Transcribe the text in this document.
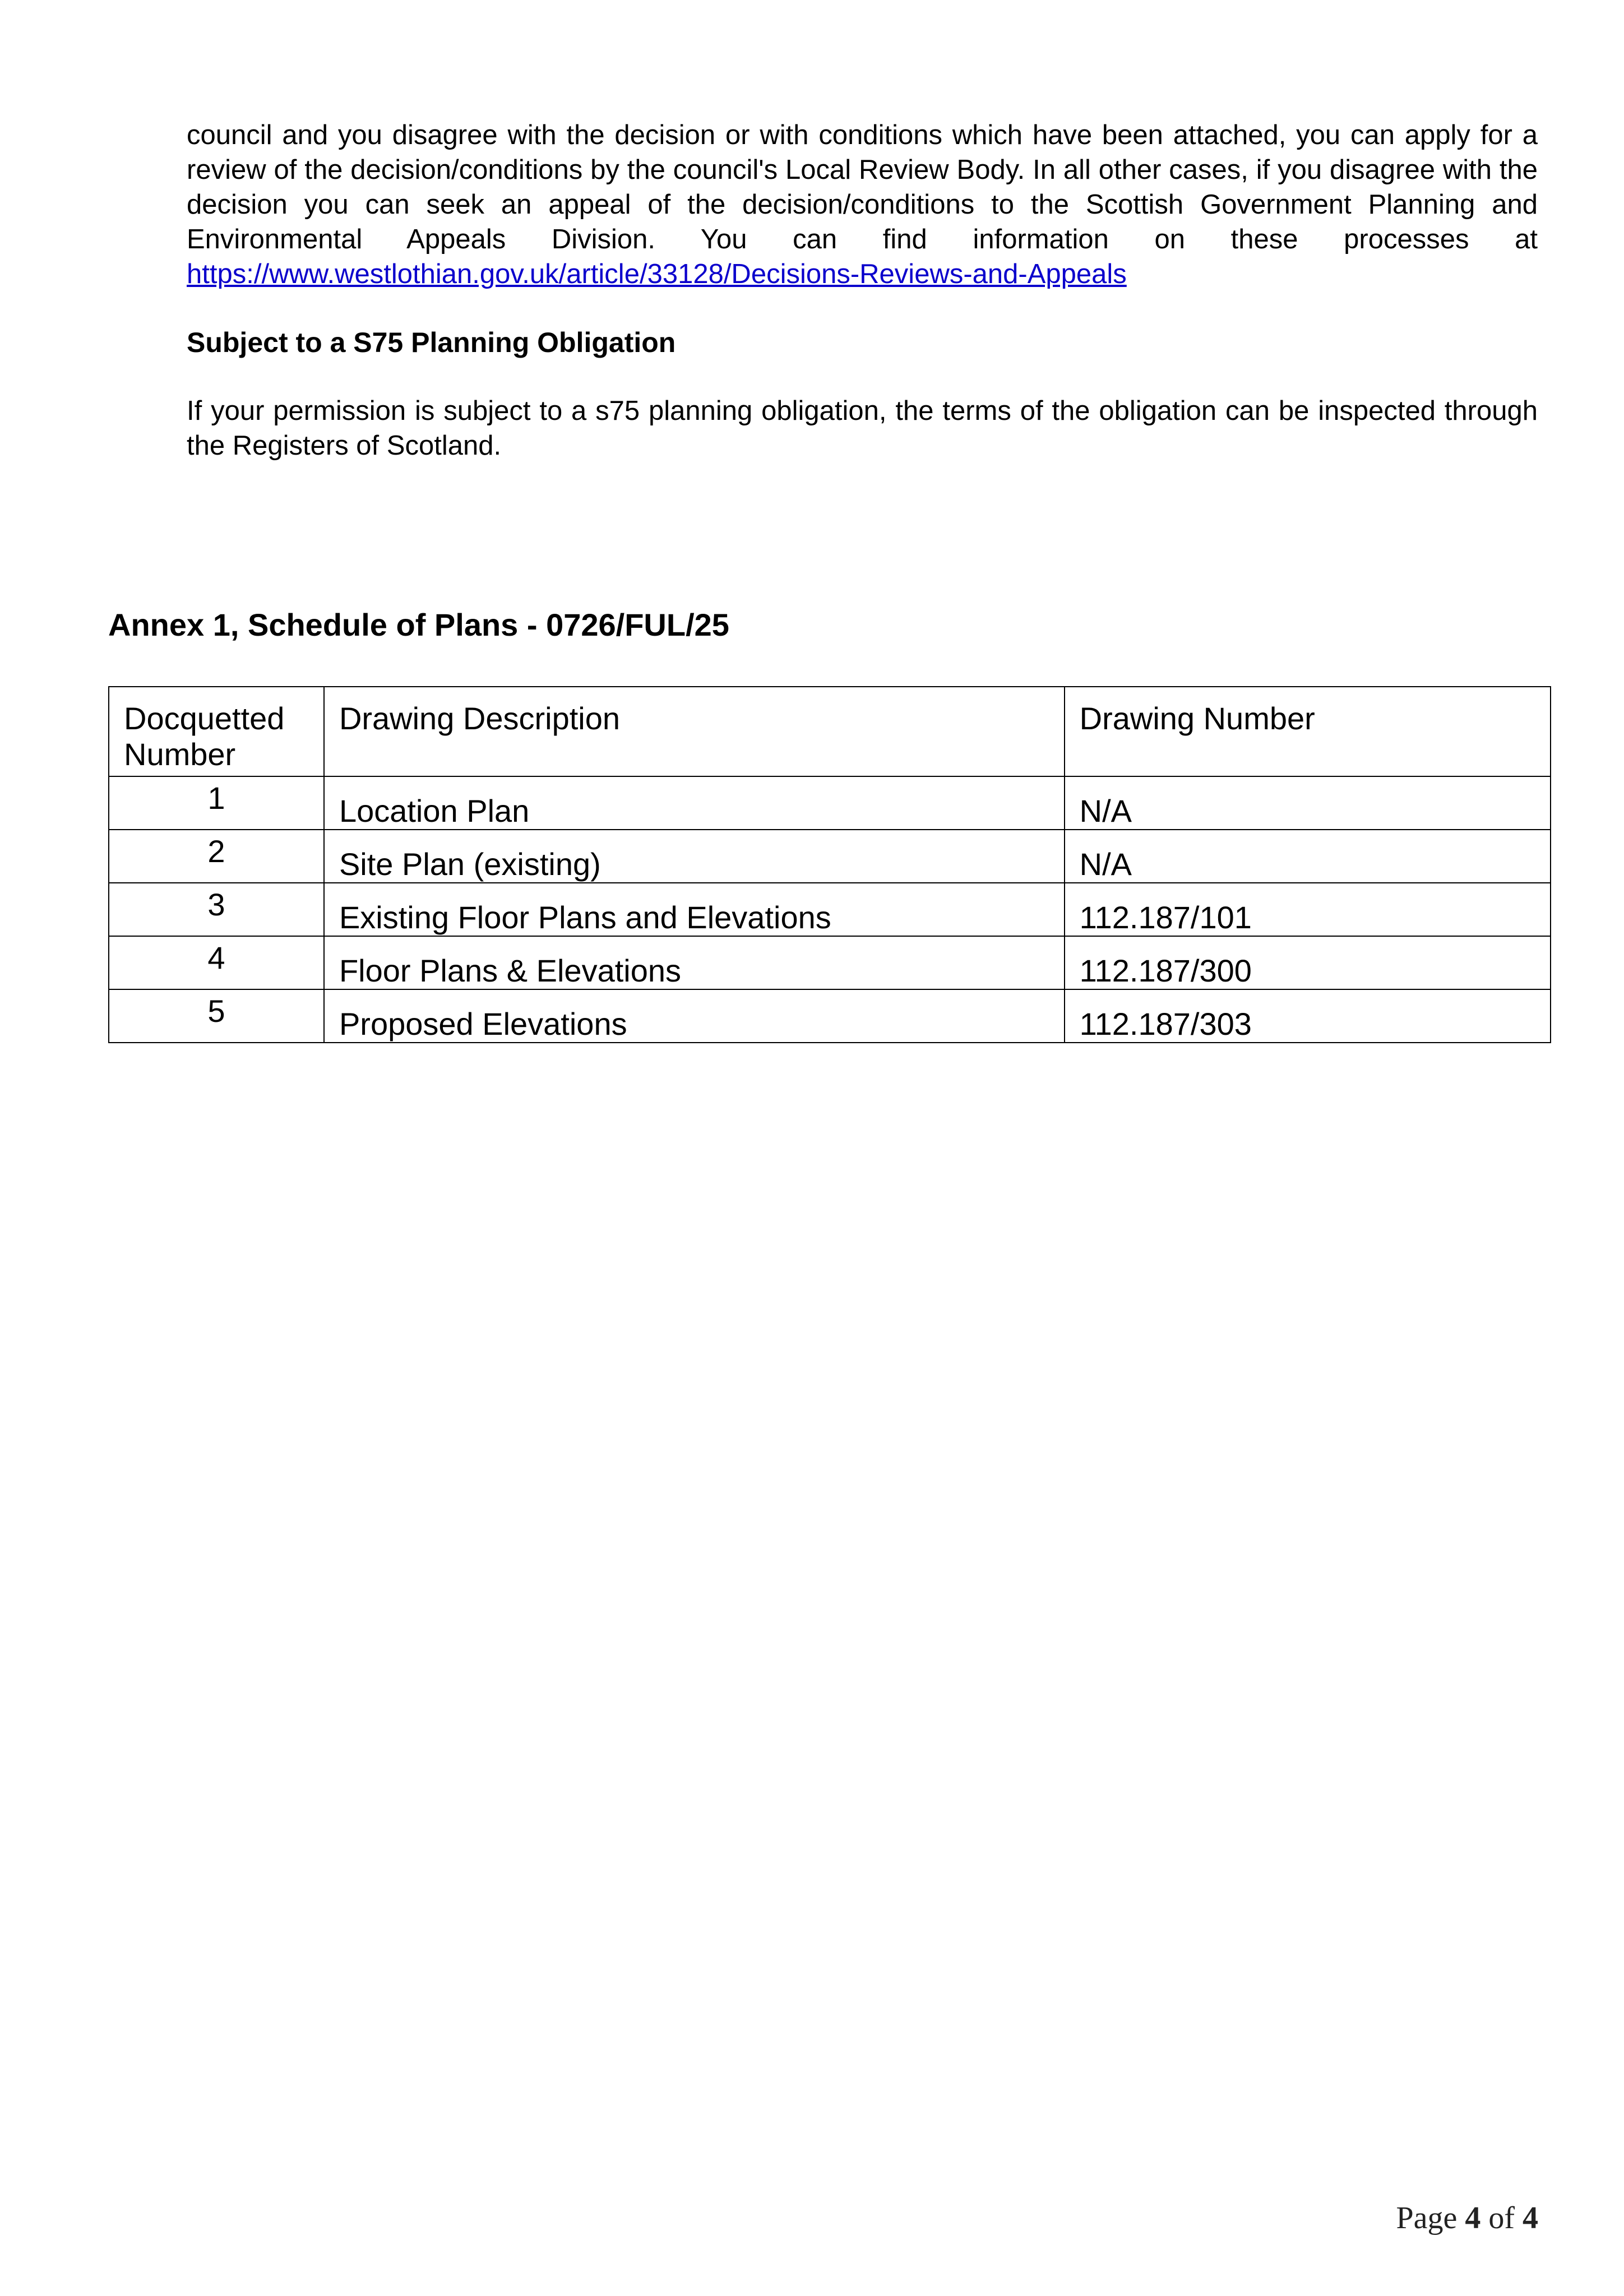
council and you disagree with the decision or with conditions which have been attached, you can apply for a review of the decision/conditions by the council's Local Review Body. In all other cases, if you disagree with the decision you can seek an appeal of the decision/conditions to the Scottish Government Planning and Environmental Appeals Division. You can find information on these processes at https://www.westlothian.gov.uk/article/33128/Decisions-Reviews-and-Appeals
Subject to a S75 Planning Obligation
If your permission is subject to a s75 planning obligation, the terms of the obligation can be inspected through the Registers of Scotland.
Annex 1, Schedule of Plans - 0726/FUL/25
Docquetted Number	Drawing Description	Drawing Number
1	Location Plan	N/A
2	Site Plan (existing)	N/A
3	Existing Floor Plans and Elevations	112.187/101
4	Floor Plans & Elevations	112.187/300
5	Proposed Elevations	112.187/303
Page 4 of 4
